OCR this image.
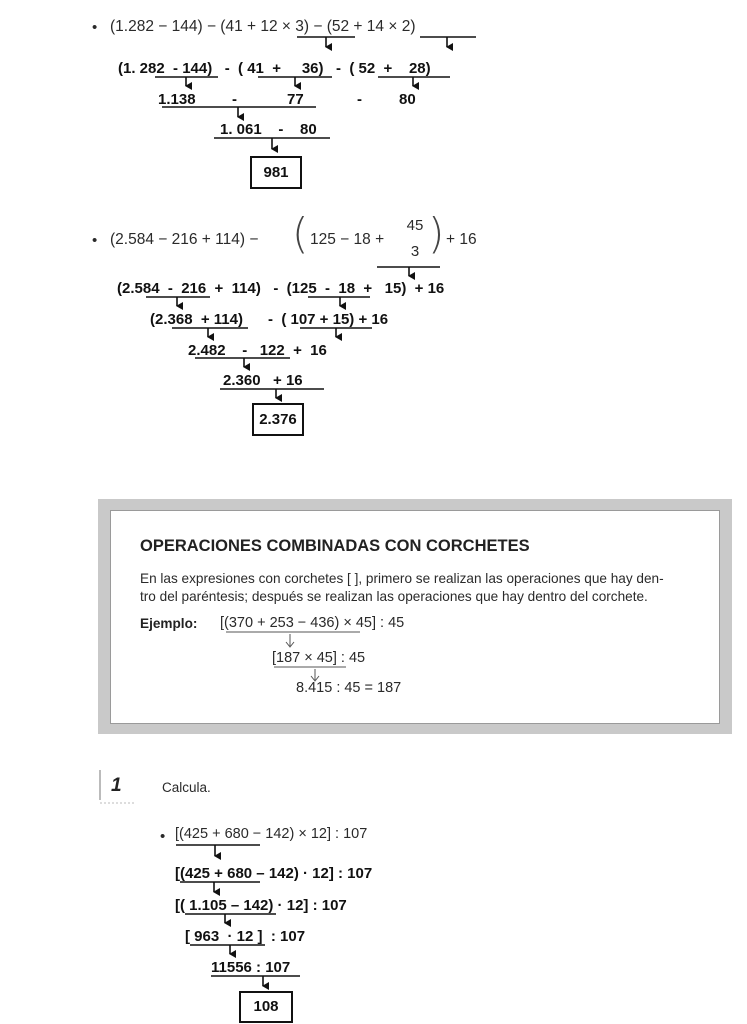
• (1.282 − 144) − (41 + 12 × 3) − (52 + 14 × 2)
(1. 282  - 144)   -  ( 41  +     36)   -  ( 52  +    28)
1.138 -	77	- 80
1. 061    -    80
981
• (2.584 − 216 + 114) − ( 125 − 18 +
45
3 ) + 16
(2.584  -  216  +  114)   -  (125  -  18  +   15)  + 16
(2.368  + 114)      -  ( 107 + 15) + 16
2.482    -   122  +  16
2.360   + 16
2.376
OPERACIONES COMBINADAS CON CORCHETES
En las expresiones con corchetes [ ], primero se realizan las operaciones que hay den-
tro del paréntesis; después se realizan las operaciones que hay dentro del corchete.
Ejemplo: [(370 + 253 − 436) × 45] : 45
[187 × 45] : 45
8.415 : 45 = 187
1	Calcula.
• [(425 + 680 − 142) × 12] : 107
[(425 + 680 – 142) · 12] : 107
[( 1.105 – 142) · 12] : 107
[ 963  · 12 ]  : 107
11556 : 107
108
